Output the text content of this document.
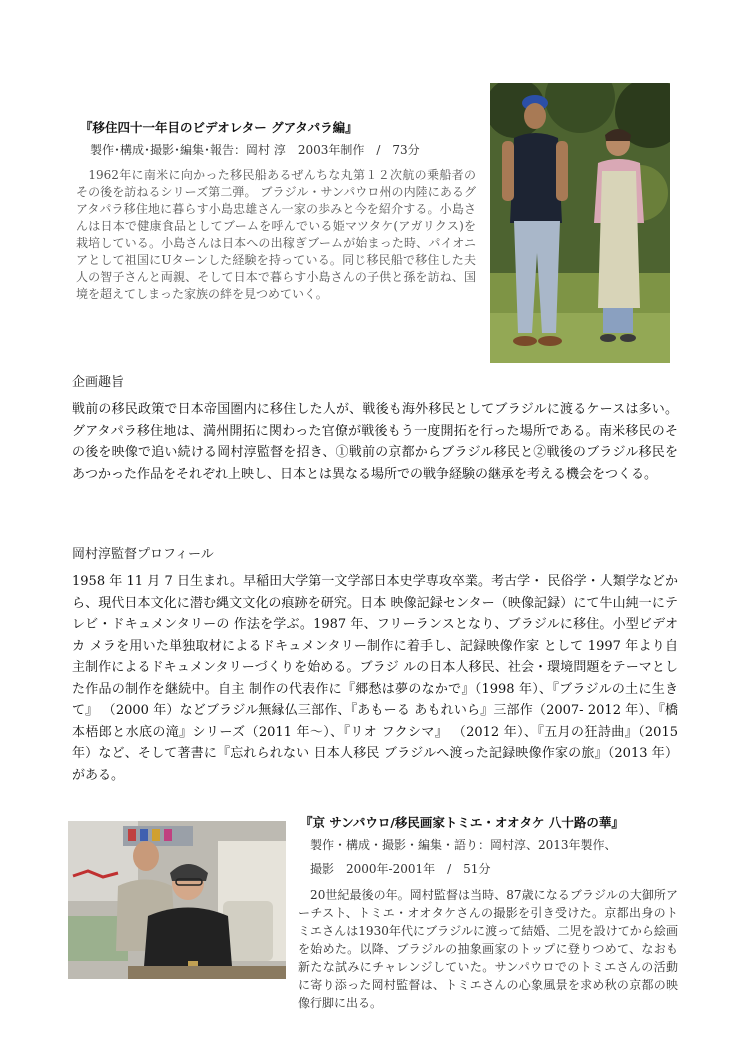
『移住四十一年目のビデオレター グアタパラ編』
製作･構成･撮影･編集･報告：岡村 淳　2003年制作　/　73分
　1962年に南米に向かった移民船あるぜんちな丸第１２次航の乗船者のその後を訪ねるシリーズ第二弾。 ブラジル・サンパウロ州の内陸にあるグアタパラ移住地に暮らす小島忠雄さん一家の歩みと今を紹介する。小島さんは日本で健康食品としてブームを呼んでいる姫マツタケ(アガリクス)を栽培している。小島さんは日本への出稼ぎブームが始まった時、パイオニアとして祖国にUターンした経験を持っている。同じ移民船で移住した夫人の智子さんと両親、そして日本で暮らす小島さんの子供と孫を訪ね、国境を超えてしまった家族の絆を見つめていく。
企画趣旨
戦前の移民政策で日本帝国圏内に移住した人が、戦後も海外移民としてブラジルに渡るケースは多い。グアタパラ移住地は、満州開拓に関わった官僚が戦後もう一度開拓を行った場所である。南米移民のその後を映像で追い続ける岡村淳監督を招き、①戦前の京都からブラジル移民と②戦後のブラジル移民をあつかった作品をそれぞれ上映し、日本とは異なる場所での戦争経験の継承を考える機会をつくる。
岡村淳監督プロフィール
1958 年 11 月 7 日生まれ。早稲田大学第一文学部日本史学専攻卒業。考古学・ 民俗学・人類学などから、現代日本文化に潜む縄文文化の痕跡を研究。日本 映像記録センター（映像記録）にて牛山純一にテレビ・ドキュメンタリーの 作法を学ぶ。1987 年、フリーランスとなり、ブラジルに移住。小型ビデオカ メラを用いた単独取材によるドキュメンタリー制作に着手し、記録映像作家 として 1997 年より自主制作によるドキュメンタリーづくりを始める。ブラジ ルの日本人移民、社会・環境問題をテーマとした作品の制作を継続中。自主 制作の代表作に『郷愁は夢のなかで』（1998 年）、『ブラジルの土に生きて』 （2000 年）などブラジル無縁仏三部作、『あもーる あもれいら』三部作（2007- 2012 年）、『橋本梧郎と水底の滝』シリーズ（2011 年～）、『リオ フクシマ』 （2012 年）、『五月の狂詩曲』（2015 年）など、そして著書に『忘れられない 日本人移民 ブラジルへ渡った記録映像作家の旅』（2013 年）がある。
『京 サンパウロ/移民画家トミエ・オオタケ 八十路の華』
製作・構成・撮影・編集・語り：岡村淳、2013年製作、
撮影　2000年-2001年　/　51分
　20世紀最後の年。岡村監督は当時、87歳になるブラジルの大御所アーチスト、トミエ・オオタケさんの撮影を引き受けた。京都出身のトミエさんは1930年代にブラジルに渡って結婚、二児を設けてから絵画を始めた。以降、ブラジルの抽象画家のトップに登りつめて、なおも新たな試みにチャレンジしていた。サンパウロでのトミエさんの活動に寄り添った岡村監督は、トミエさんの心象風景を求め秋の京都の映像行脚に出る。
